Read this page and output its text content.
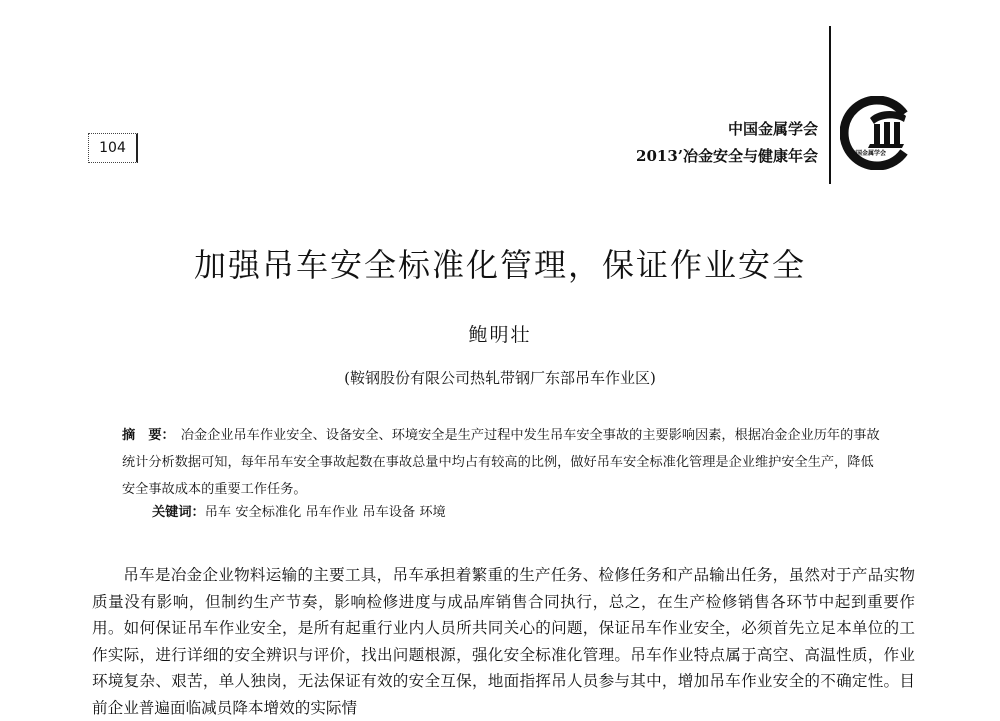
104
中国金属学会
2013’冶金安全与健康年会	中国金属学会
加强吊车安全标准化管理，保证作业安全
鲍明壮
(鞍钢股份有限公司热轧带钢厂东部吊车作业区)
摘　要： 冶金企业吊车作业安全、设备安全、环境安全是生产过程中发生吊车安全事故的主要影响因素，根据冶金企业历年的事故统计分析数据可知，每年吊车安全事故起数在事故总量中均占有较高的比例，做好吊车安全标准化管理是企业维护安全生产，降低安全事故成本的重要工作任务。
关键词：吊车 安全标准化 吊车作业 吊车设备 环境
吊车是冶金企业物料运输的主要工具，吊车承担着繁重的生产任务、检修任务和产品输出任务，虽然对于产品实物质量没有影响，但制约生产节奏，影响检修进度与成品库销售合同执行，总之，在生产检修销售各环节中起到重要作用。如何保证吊车作业安全，是所有起重行业内人员所共同关心的问题，保证吊车作业安全，必须首先立足本单位的工作实际，进行详细的安全辨识与评价，找出问题根源，强化安全标准化管理。吊车作业特点属于高空、高温性质，作业环境复杂、艰苦，单人独岗，无法保证有效的安全互保，地面指挥吊人员参与其中，增加吊车作业安全的不确定性。目前企业普遍面临减员降本增效的实际情
